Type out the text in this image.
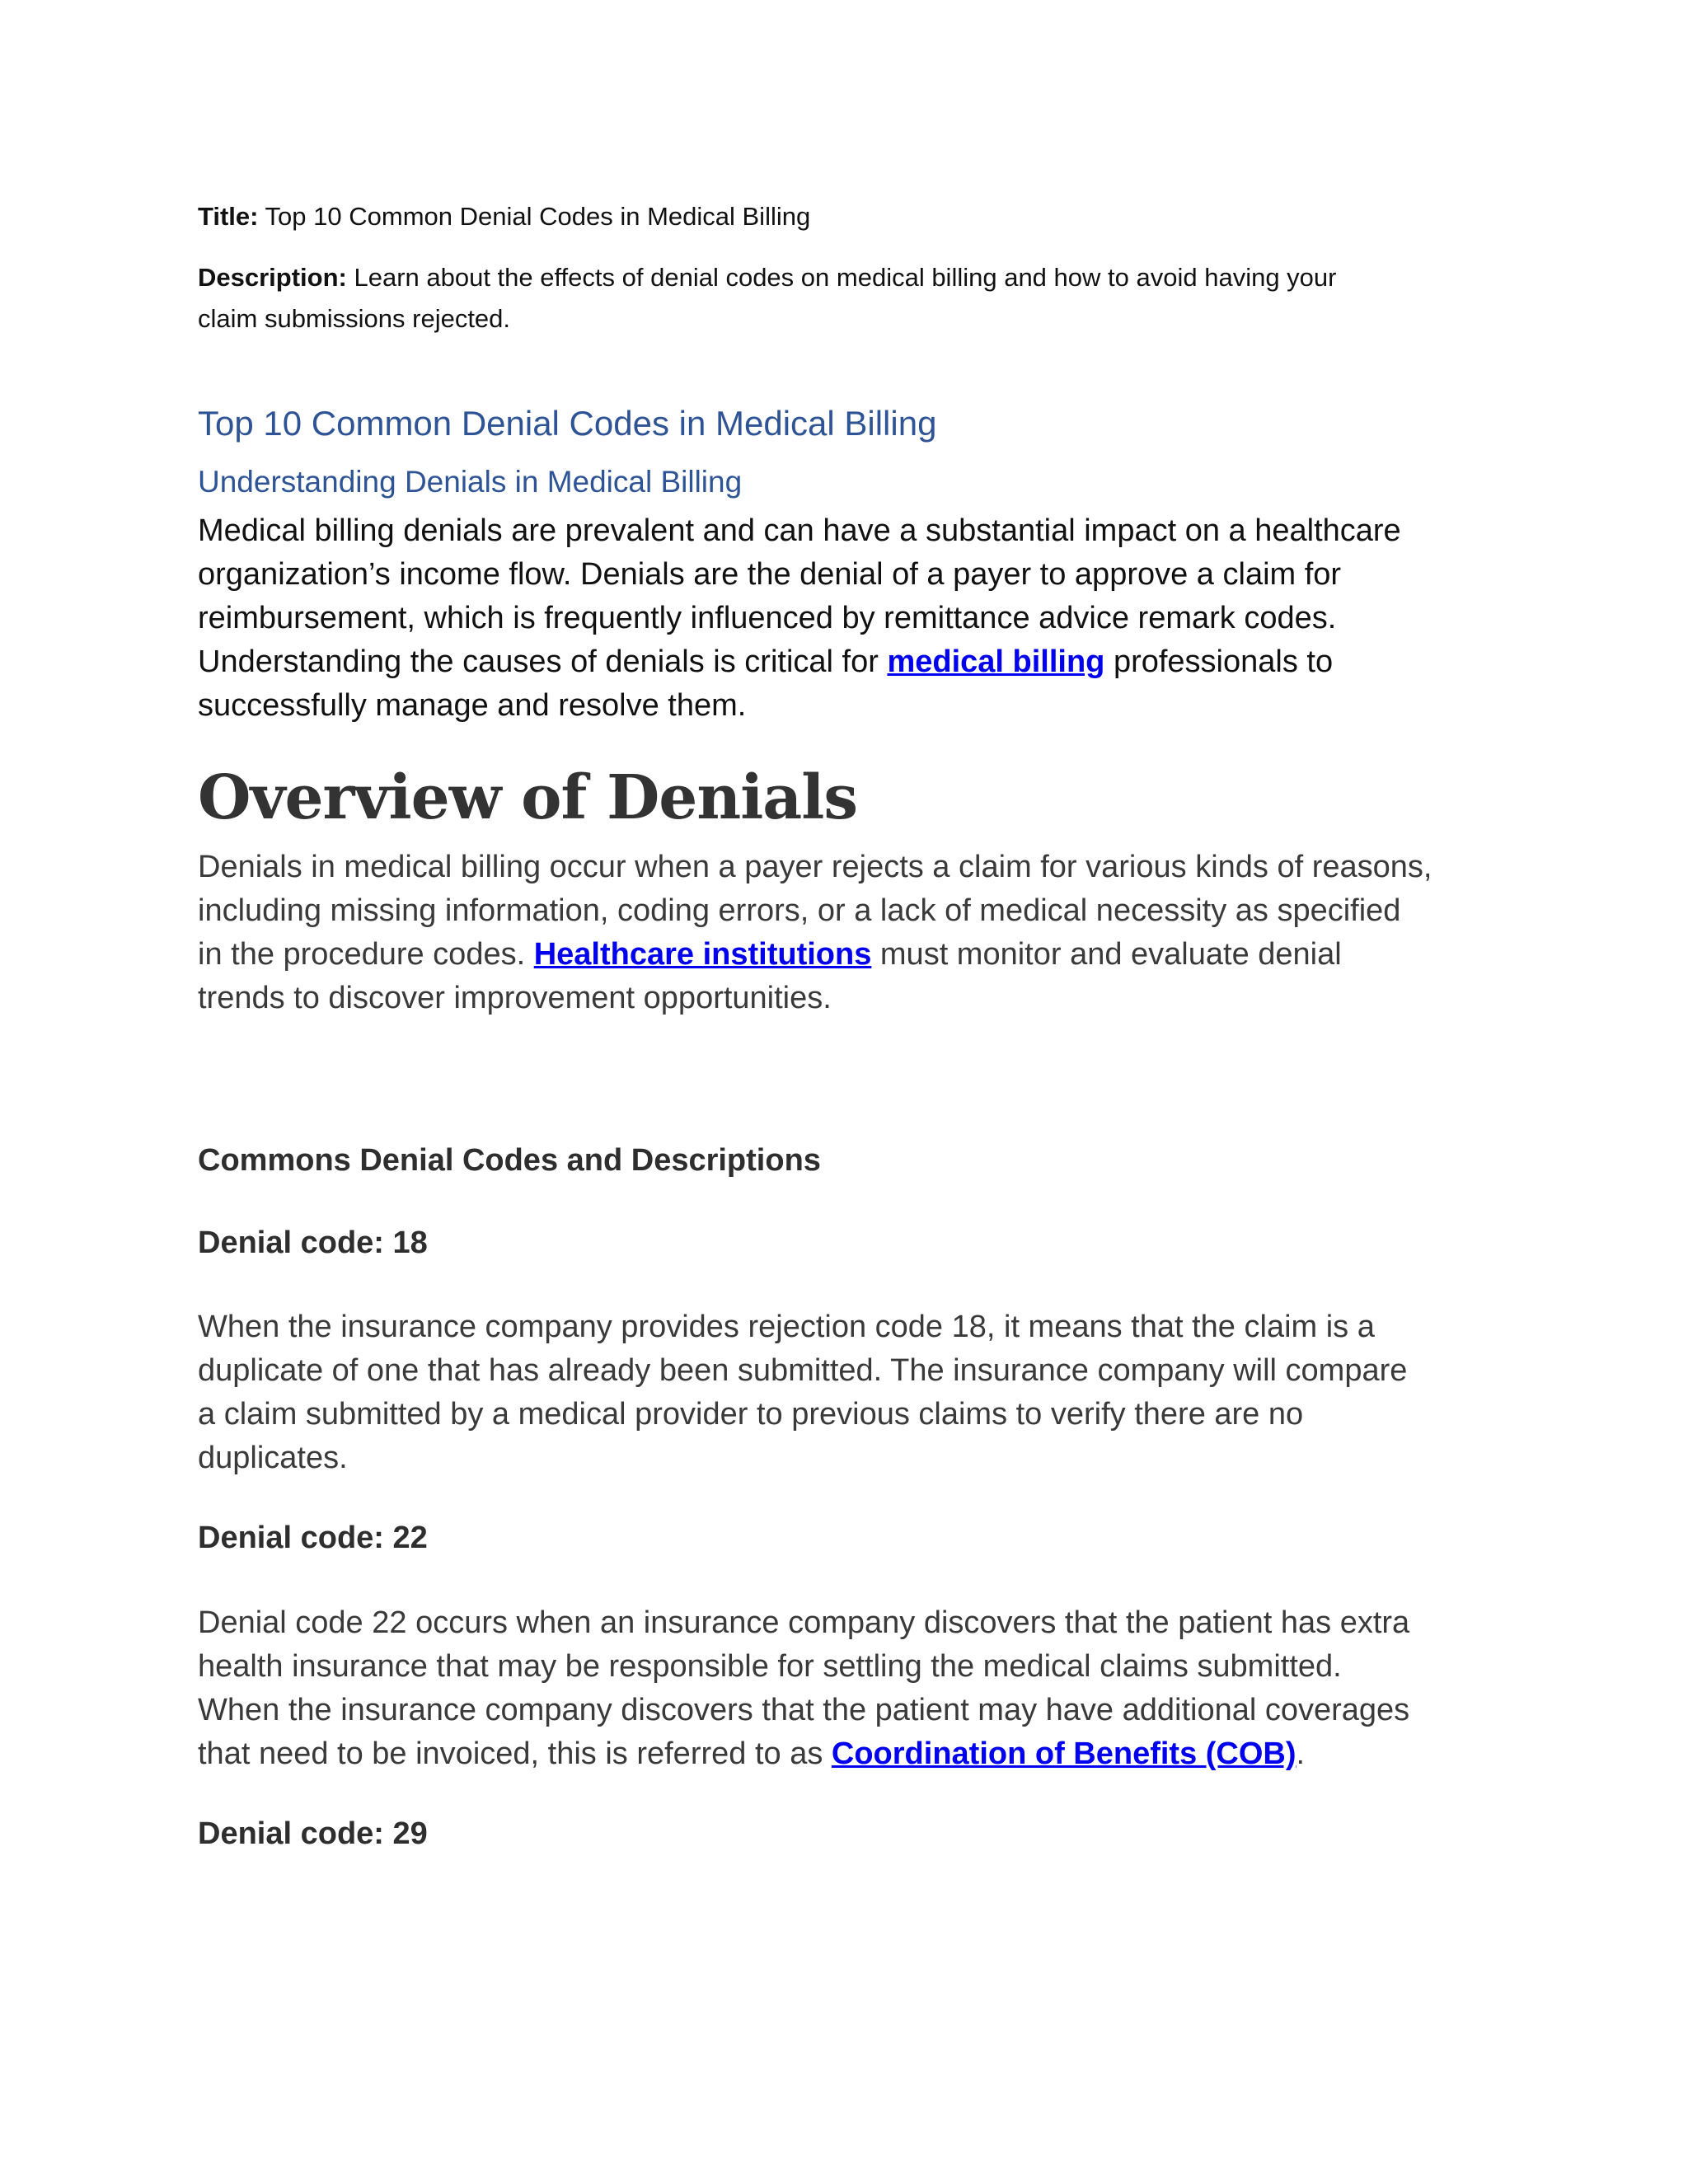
Title: Top 10 Common Denial Codes in Medical Billing
Description: Learn about the effects of denial codes on medical billing and how to avoid having your
claim submissions rejected.
Top 10 Common Denial Codes in Medical Billing
Understanding Denials in Medical Billing
Medical billing denials are prevalent and can have a substantial impact on a healthcare
organization’s income flow. Denials are the denial of a payer to approve a claim for
reimbursement, which is frequently influenced by remittance advice remark codes.
Understanding the causes of denials is critical for medical billing professionals to
successfully manage and resolve them.
Overview of Denials
Denials in medical billing occur when a payer rejects a claim for various kinds of reasons,
including missing information, coding errors, or a lack of medical necessity as specified
in the procedure codes. Healthcare institutions must monitor and evaluate denial
trends to discover improvement opportunities.
Commons Denial Codes and Descriptions
Denial code: 18
When the insurance company provides rejection code 18, it means that the claim is a
duplicate of one that has already been submitted. The insurance company will compare
a claim submitted by a medical provider to previous claims to verify there are no
duplicates.
Denial code: 22
Denial code 22 occurs when an insurance company discovers that the patient has extra
health insurance that may be responsible for settling the medical claims submitted.
When the insurance company discovers that the patient may have additional coverages
that need to be invoiced, this is referred to as Coordination of Benefits (COB).
Denial code: 29
